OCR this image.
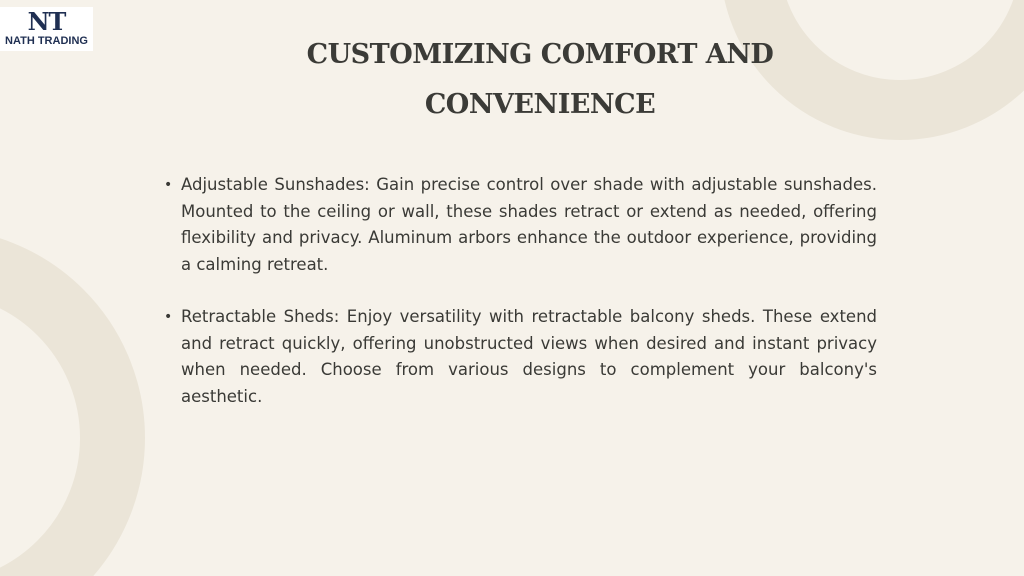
NT
NATH TRADING	CUSTOMIZING COMFORT AND
CONVENIENCE
• Adjustable Sunshades: Gain precise control over shade with adjustable sunshades. Mounted to the ceiling or wall, these shades retract or extend as needed, offering flexibility and privacy. Aluminum arbors enhance the outdoor experience, providing a calming retreat.
• Retractable Sheds: Enjoy versatility with retractable balcony sheds. These extend and retract quickly, offering unobstructed views when desired and instant privacy when needed. Choose from various designs to complement your balcony's aesthetic.
